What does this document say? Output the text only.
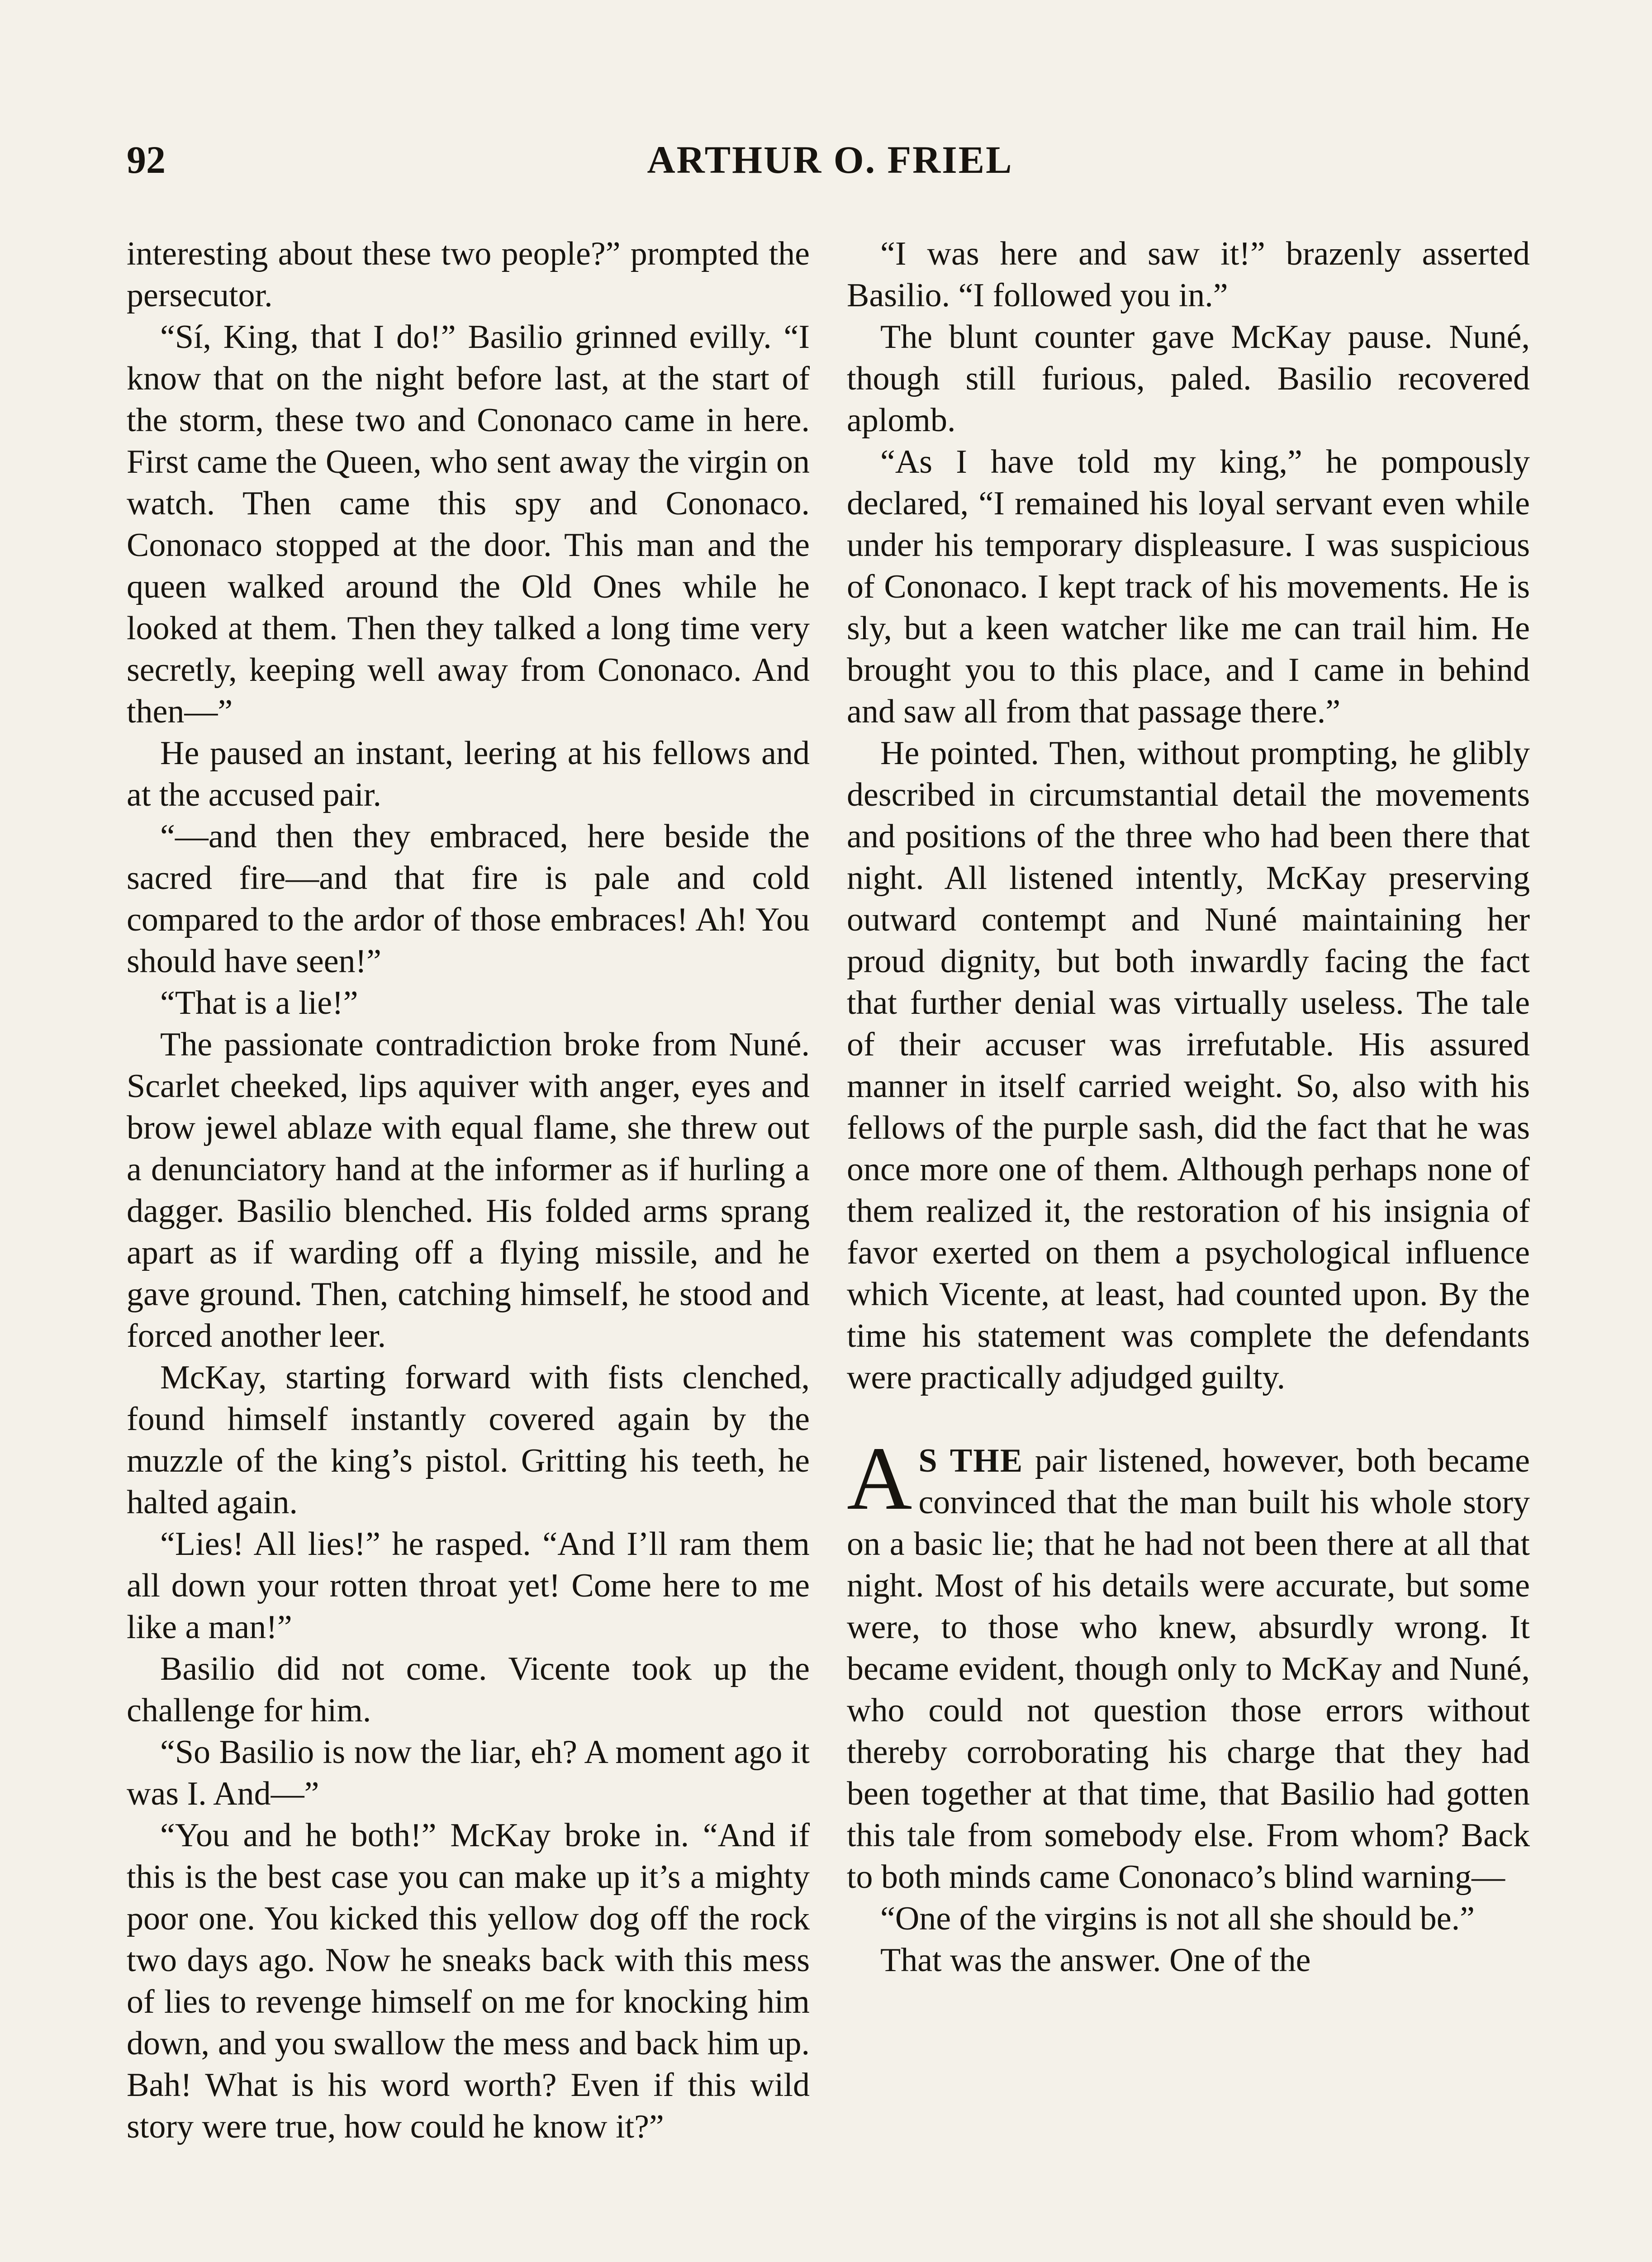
92	ARTHUR O. FRIEL

interesting about these two people?” prompted the persecutor.

“Sí, King, that I do!” Basilio grinned evilly. “I know that on the night before last, at the start of the storm, these two and Cononaco came in here. First came the Queen, who sent away the virgin on watch. Then came this spy and Cononaco. Cononaco stopped at the door. This man and the queen walked around the Old Ones while he looked at them. Then they talked a long time very secretly, keeping well away from Cononaco. And then—”

He paused an instant, leering at his fellows and at the accused pair.

“—and then they embraced, here beside the sacred fire—and that fire is pale and cold compared to the ardor of those embraces! Ah! You should have seen!”

“That is a lie!”

The passionate contradiction broke from Nuné. Scarlet cheeked, lips aquiver with anger, eyes and brow jewel ablaze with equal flame, she threw out a denunciatory hand at the informer as if hurling a dagger. Basilio blenched. His folded arms sprang apart as if warding off a flying missile, and he gave ground. Then, catching himself, he stood and forced another leer.

McKay, starting forward with fists clenched, found himself instantly covered again by the muzzle of the king’s pistol. Gritting his teeth, he halted again.

“Lies! All lies!” he rasped. “And I’ll ram them all down your rotten throat yet! Come here to me like a man!”

Basilio did not come. Vicente took up the challenge for him.

“So Basilio is now the liar, eh? A moment ago it was I. And—”

“You and he both!” McKay broke in. “And if this is the best case you can make up it’s a mighty poor one. You kicked this yellow dog off the rock two days ago. Now he sneaks back with this mess of lies to revenge himself on me for knocking him down, and you swallow the mess and back him up. Bah! What is his word worth? Even if this wild story were true, how could he know it?”

“I was here and saw it!” brazenly asserted Basilio. “I followed you in.”

The blunt counter gave McKay pause. Nuné, though still furious, paled. Basilio recovered aplomb.

“As I have told my king,” he pompously declared, “I remained his loyal servant even while under his temporary displeasure. I was suspicious of Cononaco. I kept track of his movements. He is sly, but a keen watcher like me can trail him. He brought you to this place, and I came in behind and saw all from that passage there.”

He pointed. Then, without prompting, he glibly described in circumstantial detail the movements and positions of the three who had been there that night. All listened intently, McKay preserving outward contempt and Nuné maintaining her proud dignity, but both inwardly facing the fact that further denial was virtually useless. The tale of their accuser was irrefutable. His assured manner in itself carried weight. So, also with his fellows of the purple sash, did the fact that he was once more one of them. Although perhaps none of them realized it, the restoration of his insignia of favor exerted on them a psychological influence which Vicente, at least, had counted upon. By the time his statement was complete the defendants were practically adjudged guilty.

A S THE pair listened, however, both became convinced that the man built his whole story on a basic lie; that he had not been there at all that night. Most of his details were accurate, but some were, to those who knew, absurdly wrong. It became evident, though only to McKay and Nuné, who could not question those errors without thereby corroborating his charge that they had been together at that time, that Basilio had gotten this tale from somebody else. From whom? Back to both minds came Cononaco’s blind warning—

“One of the virgins is not all she should be.”

That was the answer. One of the
